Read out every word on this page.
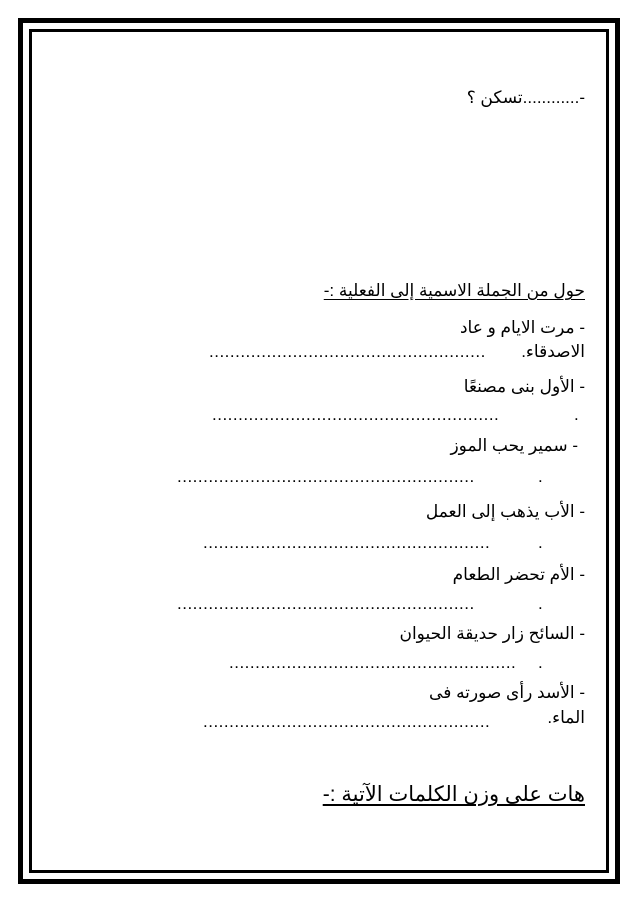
-............تسكن ؟
حول من الجملة الاسمية إلى الفعلية :-
- مرت الايام و عاد
الاصدقاء.
.....................................................
- الأول بنى مصنعًا
.......................................................	.
- سمير يحب الموز
.........................................................	.
- الأب يذهب إلى العمل
.......................................................	.
- الأم تحضر الطعام
.........................................................	.
- السائح زار حديقة الحيوان
....................................................... .
- الأسد رأى صورته فى
الماء.
.......................................................
هات على وزن الكلمات الآتية :-
